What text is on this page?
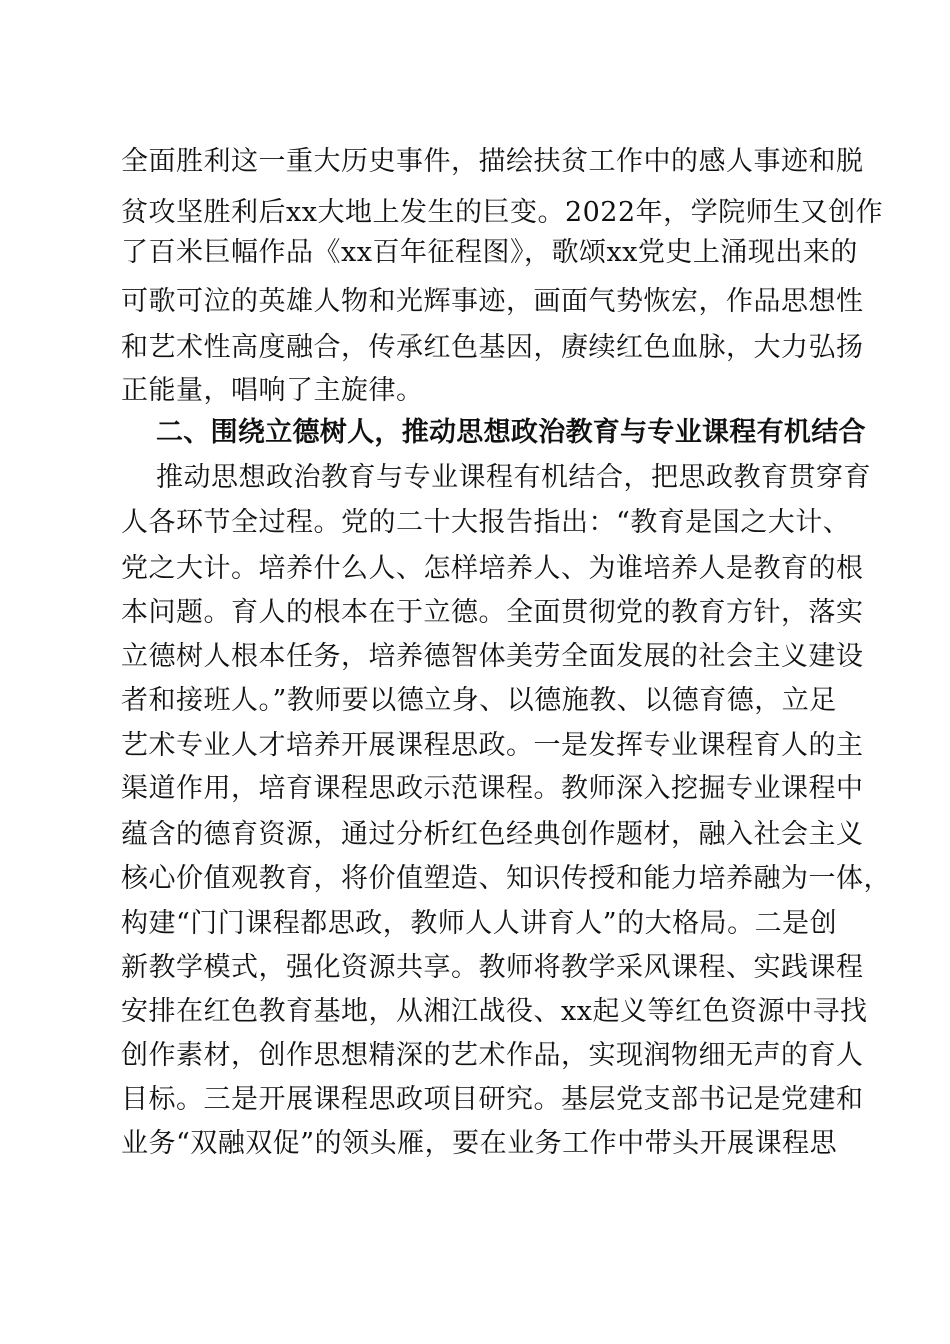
全面胜利这一重大历史事件，描绘扶贫工作中的感人事迹和脱
贫攻坚胜利后xx大地上发生的巨变。2022年，学院师生又创作
了百米巨幅作品《xx百年征程图》，歌颂xx党史上涌现出来的
可歌可泣的英雄人物和光辉事迹，画面气势恢宏，作品思想性
和艺术性高度融合，传承红色基因，赓续红色血脉，大力弘扬
正能量，唱响了主旋律。
二、围绕立德树人，推动思想政治教育与专业课程有机结合
推动思想政治教育与专业课程有机结合，把思政教育贯穿育
人各环节全过程。党的二十大报告指出：“教育是国之大计、
党之大计。培养什么人、怎样培养人、为谁培养人是教育的根
本问题。育人的根本在于立德。全面贯彻党的教育方针，落实
立德树人根本任务，培养德智体美劳全面发展的社会主义建设
者和接班人。”教师要以德立身、以德施教、以德育德，立足
艺术专业人才培养开展课程思政。一是发挥专业课程育人的主
渠道作用，培育课程思政示范课程。教师深入挖掘专业课程中
蕴含的德育资源，通过分析红色经典创作题材，融入社会主义
核心价值观教育，将价值塑造、知识传授和能力培养融为一体，
构建“门门课程都思政，教师人人讲育人”的大格局。二是创
新教学模式，强化资源共享。教师将教学采风课程、实践课程
安排在红色教育基地，从湘江战役、xx起义等红色资源中寻找
创作素材，创作思想精深的艺术作品，实现润物细无声的育人
目标。三是开展课程思政项目研究。基层党支部书记是党建和
业务“双融双促”的领头雁，要在业务工作中带头开展课程思
